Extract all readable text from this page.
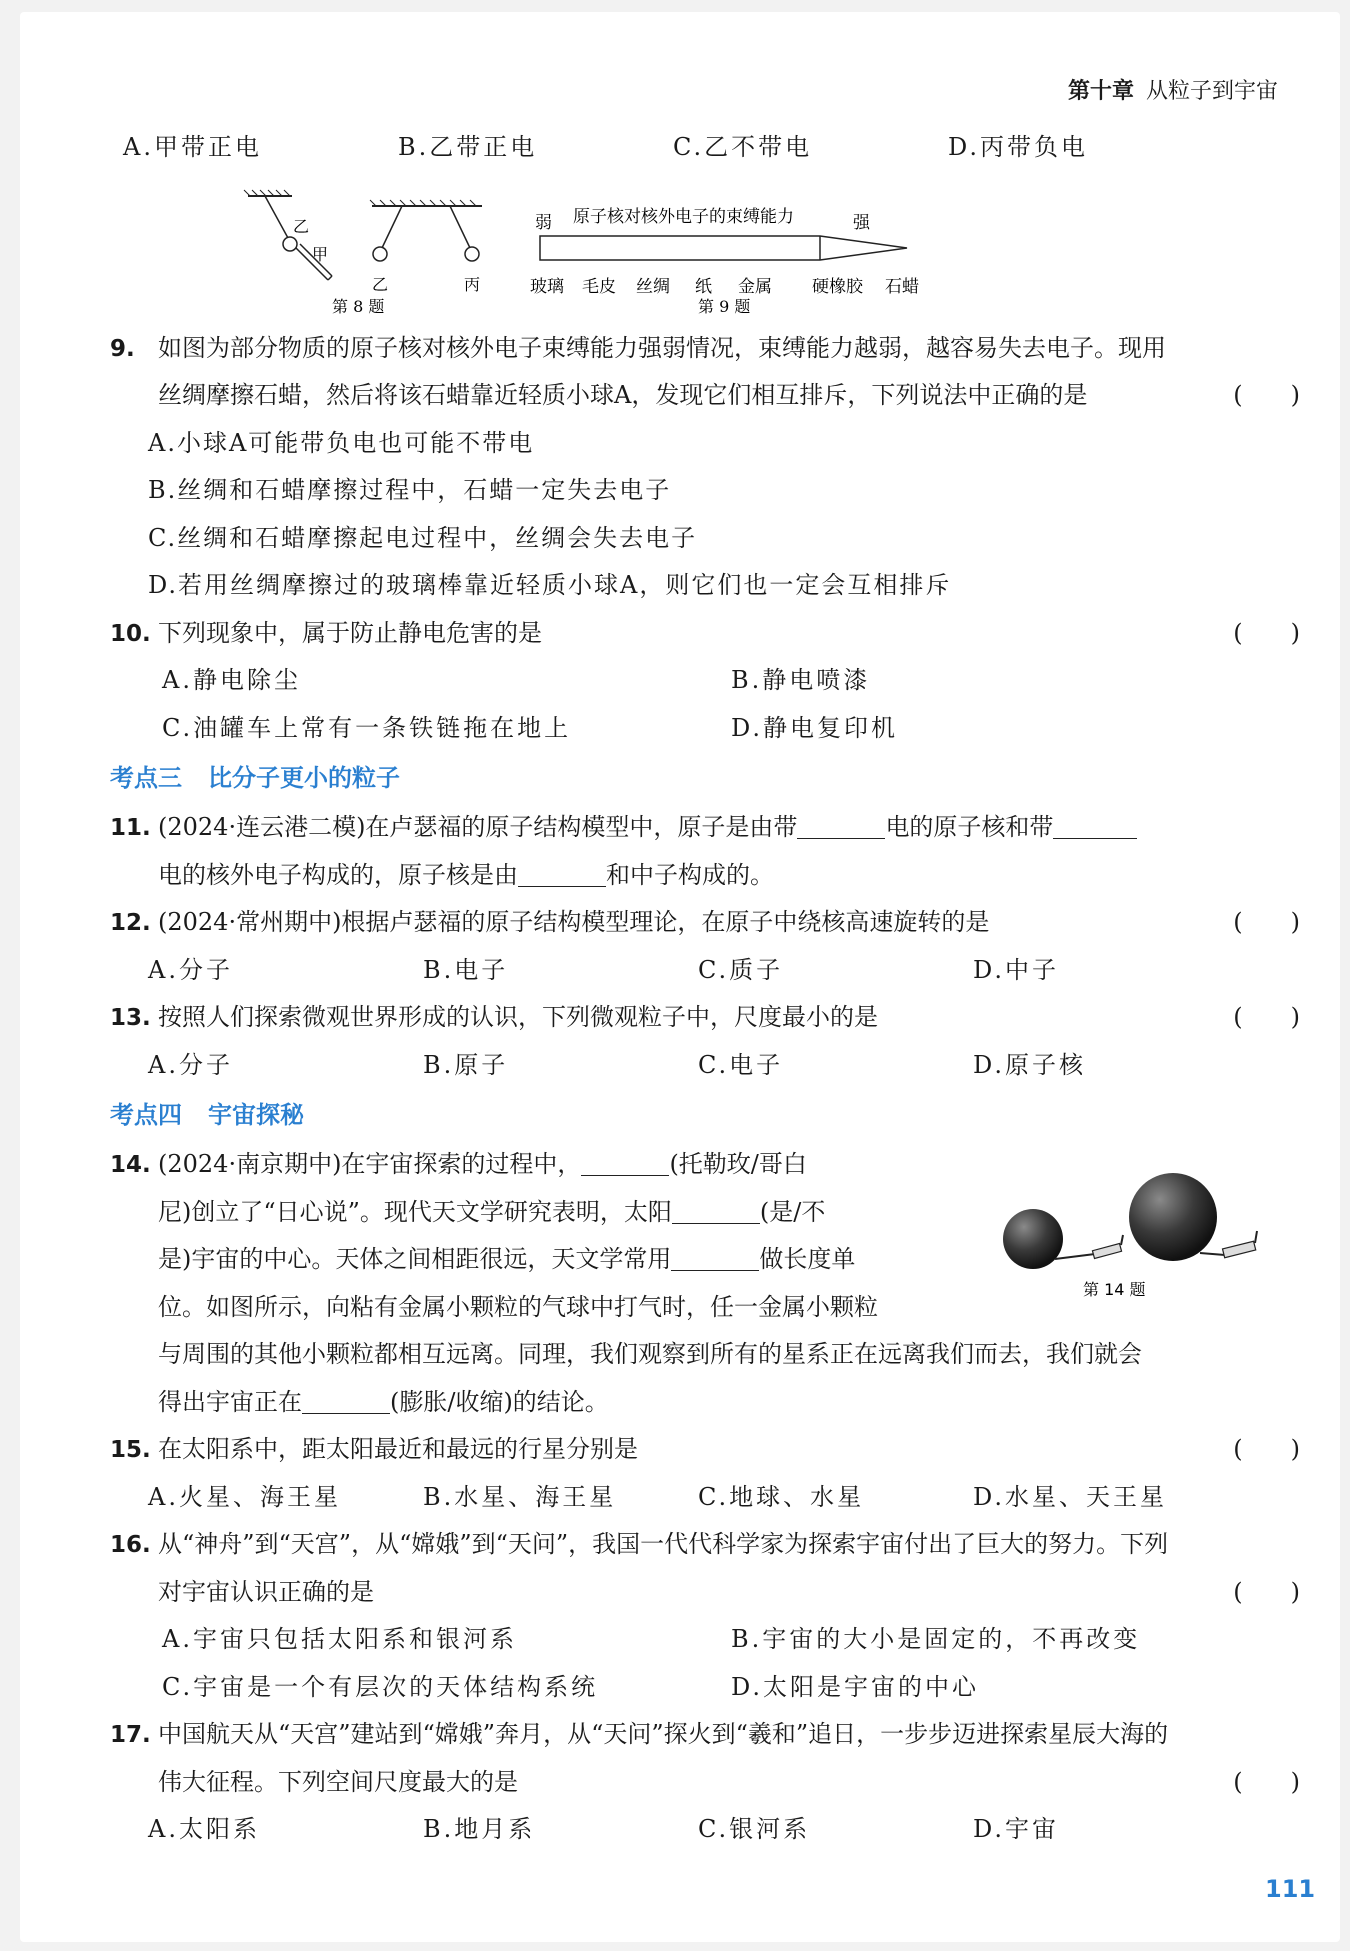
第十章 从粒子到宇宙
A.甲带正电	B.乙带正电	C.乙不带电	D.丙带负电
乙
甲
乙	丙
第 8 题
弱 原子核对核外电子的束缚能力	强
玻璃 毛皮 丝绸 纸 金属 硬橡胶 石蜡
第 9 题
9. 如图为部分物质的原子核对核外电子束缚能力强弱情况，束缚能力越弱，越容易失去电子。现用
丝绸摩擦石蜡，然后将该石蜡靠近轻质小球A，发现它们相互排斥，下列说法中正确的是	(　　)
A.小球A可能带负电也可能不带电
B.丝绸和石蜡摩擦过程中，石蜡一定失去电子
C.丝绸和石蜡摩擦起电过程中，丝绸会失去电子
D.若用丝绸摩擦过的玻璃棒靠近轻质小球A，则它们也一定会互相排斥
10. 下列现象中，属于防止静电危害的是	(　　)
A.静电除尘	B.静电喷漆
C.油罐车上常有一条铁链拖在地上	D.静电复印机
考点三 比分子更小的粒子
11. (2024·连云港二模)在卢瑟福的原子结构模型中，原子是由带	电的原子核和带
电的核外电子构成的，原子核是由	和中子构成的。
12. (2024·常州期中)根据卢瑟福的原子结构模型理论，在原子中绕核高速旋转的是	(　　)
A.分子	B.电子	C.质子	D.中子
13. 按照人们探索微观世界形成的认识，下列微观粒子中，尺度最小的是	(　　)
A.分子	B.原子	C.电子	D.原子核
考点四 宇宙探秘
14. (2024·南京期中)在宇宙探索的过程中，	(托勒玫/哥白
尼)创立了“日心说”。现代天文学研究表明，太阳	(是/不
是)宇宙的中心。天体之间相距很远，天文学常用	做长度单
位。如图所示，向粘有金属小颗粒的气球中打气时，任一金属小颗粒
与周围的其他小颗粒都相互远离。同理，我们观察到所有的星系正在远离我们而去，我们就会
得出宇宙正在	(膨胀/收缩)的结论。
第 14 题
15. 在太阳系中，距太阳最近和最远的行星分别是	(　　)
A.火星、海王星	B.水星、海王星	C.地球、水星	D.水星、天王星
16. 从“神舟”到“天宫”，从“嫦娥”到“天问”，我国一代代科学家为探索宇宙付出了巨大的努力。下列
对宇宙认识正确的是	(　　)
A.宇宙只包括太阳系和银河系	B.宇宙的大小是固定的，不再改变
C.宇宙是一个有层次的天体结构系统	D.太阳是宇宙的中心
17. 中国航天从“天宫”建站到“嫦娥”奔月，从“天问”探火到“羲和”追日，一步步迈进探索星辰大海的
伟大征程。下列空间尺度最大的是	(　　)
A.太阳系	B.地月系	C.银河系	D.宇宙
111
